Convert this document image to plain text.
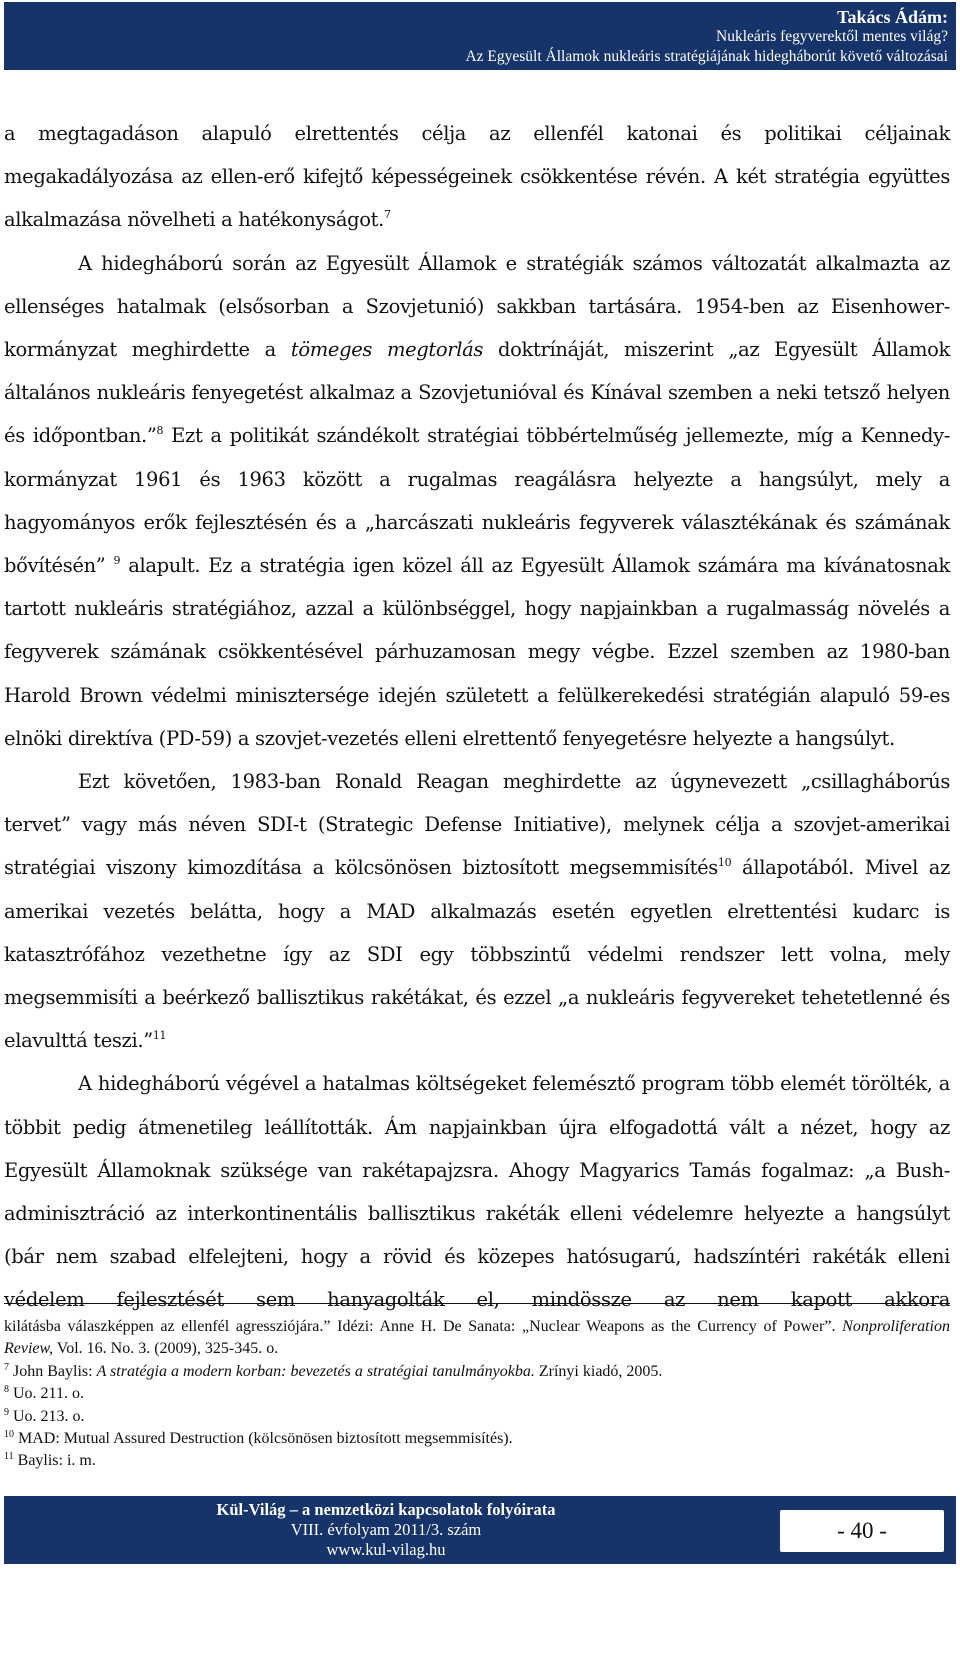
Takács Ádám:
Nukleáris fegyverektől mentes világ?
Az Egyesült Államok nukleáris stratégiájának hidegháborút követő változásai

a megtagadáson alapuló elrettentés célja az ellenfél katonai és politikai céljainak megakadályozása az ellen-erő kifejtő képességeinek csökkentése révén. A két stratégia együttes alkalmazása növelheti a hatékonyságot.$^7$

A hidegháború során az Egyesült Államok e stratégiák számos változatát alkalmazta az ellenséges hatalmak (elsősorban a Szovjetunió) sakkban tartására. 1954-ben az Eisenhower-kormányzat meghirdette a tömeges megtorlás doktrínáját, miszerint „az Egyesült Államok általános nukleáris fenyegetést alkalmaz a Szovjetunióval és Kínával szemben a neki tetsző helyen és időpontban.”$^8$ Ezt a politikát szándékolt stratégiai többértelműség jellemezte, míg a Kennedy-kormányzat 1961 és 1963 között a rugalmas reagálásra helyezte a hangsúlyt, mely a hagyományos erők fejlesztésén és a „harcászati nukleáris fegyverek választékának és számának bővítésén” $^9$ alapult. Ez a stratégia igen közel áll az Egyesült Államok számára ma kívánatosnak tartott nukleáris stratégiához, azzal a különbséggel, hogy napjainkban a rugalmasság növelés a fegyverek számának csökkentésével párhuzamosan megy végbe. Ezzel szemben az 1980-ban Harold Brown védelmi minisztersége idején született a felülkerekedési stratégián alapuló 59-es elnöki direktíva (PD-59) a szovjet-vezetés elleni elrettentő fenyegetésre helyezte a hangsúlyt.

Ezt követően, 1983-ban Ronald Reagan meghirdette az úgynevezett „csillagháborús tervet” vagy más néven SDI-t (Strategic Defense Initiative), melynek célja a szovjet-amerikai stratégiai viszony kimozdítása a kölcsönösen biztosított megsemmisítés$^{10}$ állapotából. Mivel az amerikai vezetés belátta, hogy a MAD alkalmazás esetén egyetlen elrettentési kudarc is katasztrófához vezethetne így az SDI egy többszintű védelmi rendszer lett volna, mely megsemmisíti a beérkező ballisztikus rakétákat, és ezzel „a nukleáris fegyvereket tehetetlenné és elavulttá teszi.”$^{11}$

A hidegháború végével a hatalmas költségeket felemésztő program több elemét törölték, a többit pedig átmenetileg leállították. Ám napjainkban újra elfogadottá vált a nézet, hogy az Egyesült Államoknak szüksége van rakétapajzsra. Ahogy Magyarics Tamás fogalmaz: „a Bush-adminisztráció az interkontinentális ballisztikus rakéták elleni védelemre helyezte a hangsúlyt (bár nem szabad elfelejteni, hogy a rövid és közepes hatósugarú, hadszíntéri rakéták elleni védelem fejlesztését sem hanyagolták el, mindössze az nem kapott akkora

kilátásba válaszképpen az ellenfél agressziójára.” Idézi: Anne H. De Sanata: „Nuclear Weapons as the Currency of Power”. Nonproliferation Review, Vol. 16. No. 3. (2009), 325-345. o.

$^7$ John Baylis: A stratégia a modern korban: bevezetés a stratégiai tanulmányokba. Zrínyi kiadó, 2005.

$^8$ Uo. 211. o.

$^9$ Uo. 213. o.

$^{10}$ MAD: Mutual Assured Destruction (kölcsönösen biztosított megsemmisítés).

$^{11}$ Baylis: i. m.

Kül-Világ – a nemzetközi kapcsolatok folyóirata
VIII. évfolyam 2011/3. szám
www.kul-vilag.hu
- 40 -
